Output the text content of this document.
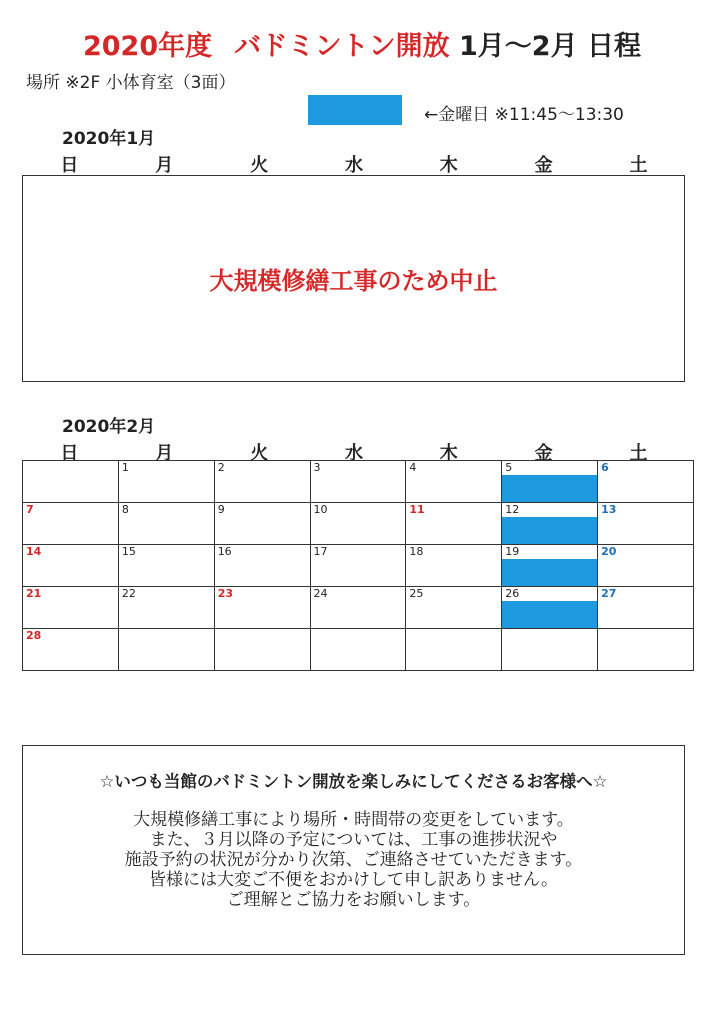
2020年度 バドミントン開放 1月〜2月 日程
場所 ※2F 小体育室（3面）
←金曜日 ※11:45〜13:30
2020年1月
日	月	火	水	木	金	土
大規模修繕工事のため中止
2020年2月
日	月	火	水	木	金	土

	1	2	3	4	5	6

7	8	9	10	11	12	13

14	15	16	17	18	19	20

21	22	23	24	25	26	27

28						

☆いつも当館のバドミントン開放を楽しみにしてくださるお客様へ☆
大規模修繕工事により場所・時間帯の変更をしています。
また、３月以降の予定については、工事の進捗状況や
施設予約の状況が分かり次第、ご連絡させていただきます。
皆様には大変ご不便をおかけして申し訳ありません。
ご理解とご協力をお願いします。
